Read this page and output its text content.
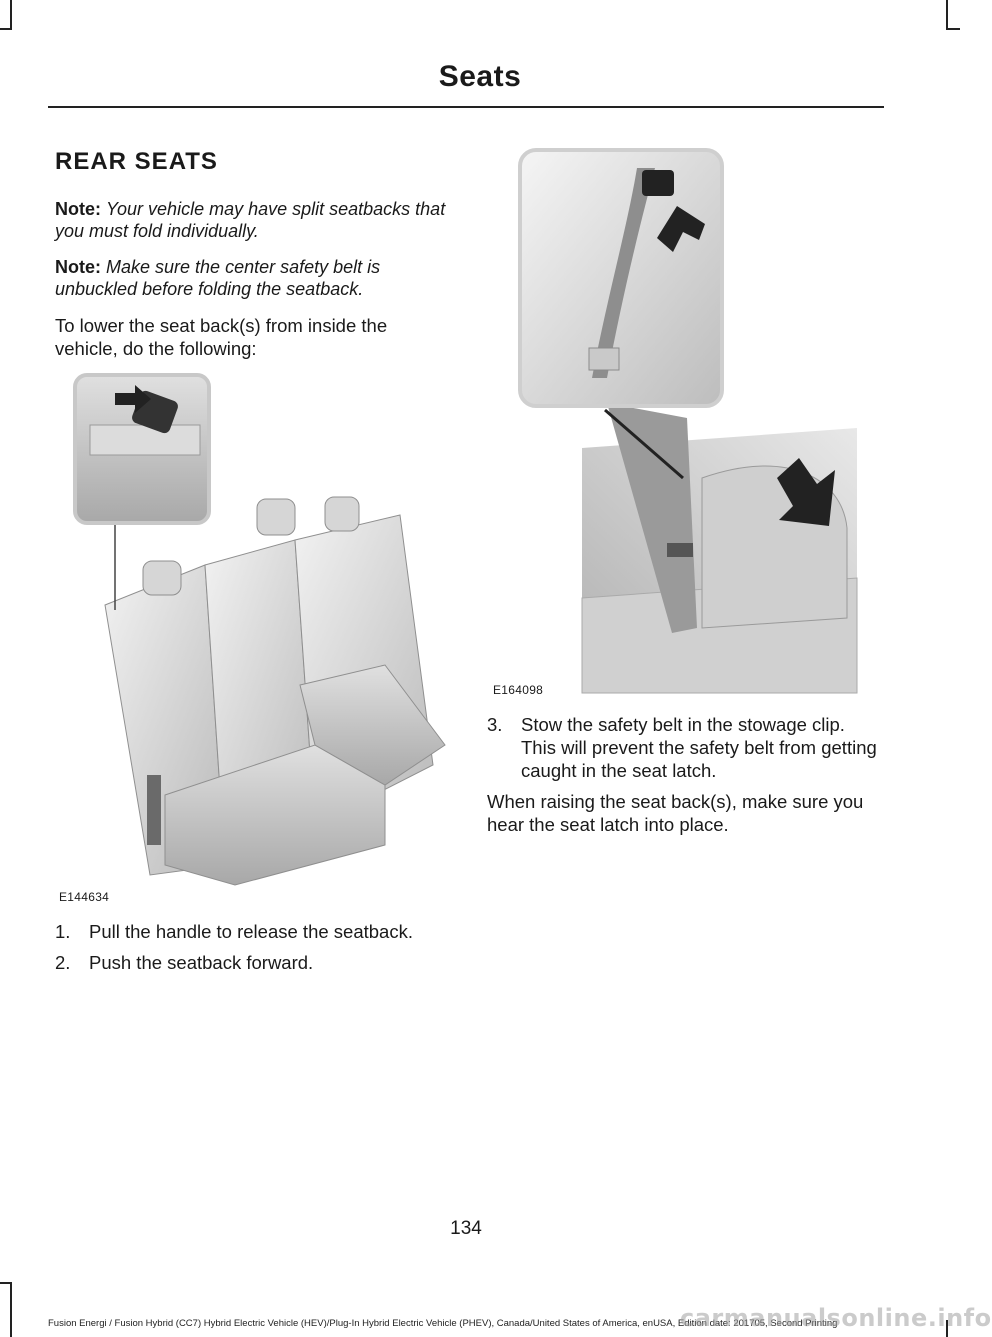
Seats
REAR SEATS

Note: Your vehicle may have split seatbacks that you must fold individually.

Note: Make sure the center safety belt is unbuckled before folding the seatback.

To lower the seat back(s) from inside the vehicle, do the following:

E144634
E164098
1. Pull the handle to release the seatback.
2. Push the seatback forward.
3. Stow the safety belt in the stowage clip. This will prevent the safety belt from getting caught in the seat latch.

When raising the seat back(s), make sure you hear the seat latch into place.

134
Fusion Energi / Fusion Hybrid (CC7) Hybrid Electric Vehicle (HEV)/Plug-In Hybrid Electric Vehicle (PHEV), Canada/United States of America, enUSA, Edition date: 201705, Second Printing
carmanualsonline.info
